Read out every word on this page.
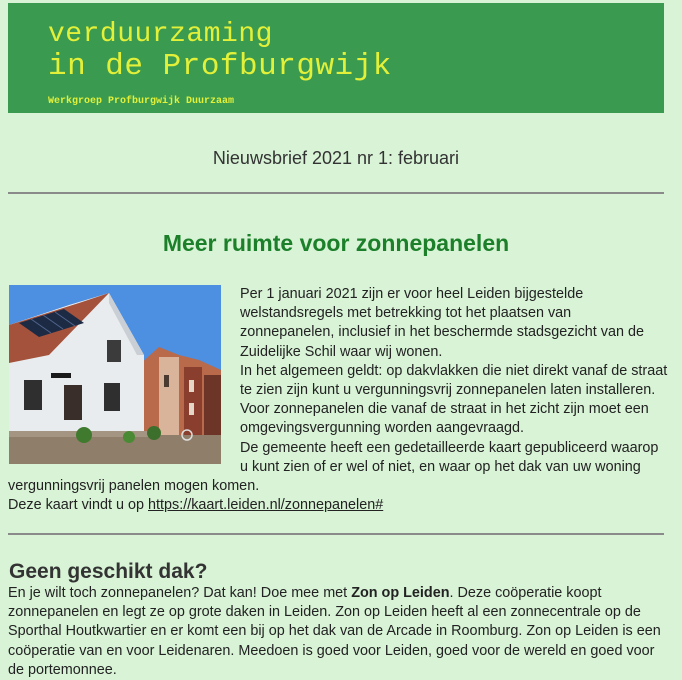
verduurzaming
in de Profburgwijk
Werkgroep Profburgwijk Duurzaam
Nieuwsbrief 2021 nr 1: februari
Meer ruimte voor zonnepanelen
Per 1 januari 2021 zijn er voor heel Leiden bijgestelde welstandsregels met betrekking tot het plaatsen van zonnepanelen, inclusief in het beschermde stadsgezicht van de Zuidelijke Schil waar wij wonen.
In het algemeen geldt: op dakvlakken die niet direkt vanaf de straat te zien zijn kunt u vergunningsvrij zonnepanelen laten installeren. Voor zonnepanelen die vanaf de straat in het zicht zijn moet een omgevingsvergunning worden aangevraagd.
De gemeente heeft een gedetailleerde kaart gepubliceerd waarop u kunt zien of er wel of niet, en waar op het dak van uw woning vergunningsvrij panelen mogen komen.
Deze kaart vindt u op https://kaart.leiden.nl/zonnepanelen#
Geen geschikt dak?
En je wilt toch zonnepanelen? Dat kan! Doe mee met Zon op Leiden. Deze coöperatie koopt zonnepanelen en legt ze op grote daken in Leiden. Zon op Leiden heeft al een zonnecentrale op de Sporthal Houtkwartier en er komt een bij op het dak van de Arcade in Roomburg. Zon op Leiden is een coöperatie van en voor Leidenaren. Meedoen is goed voor Leiden, goed voor de wereld en goed voor de portemonnee.
